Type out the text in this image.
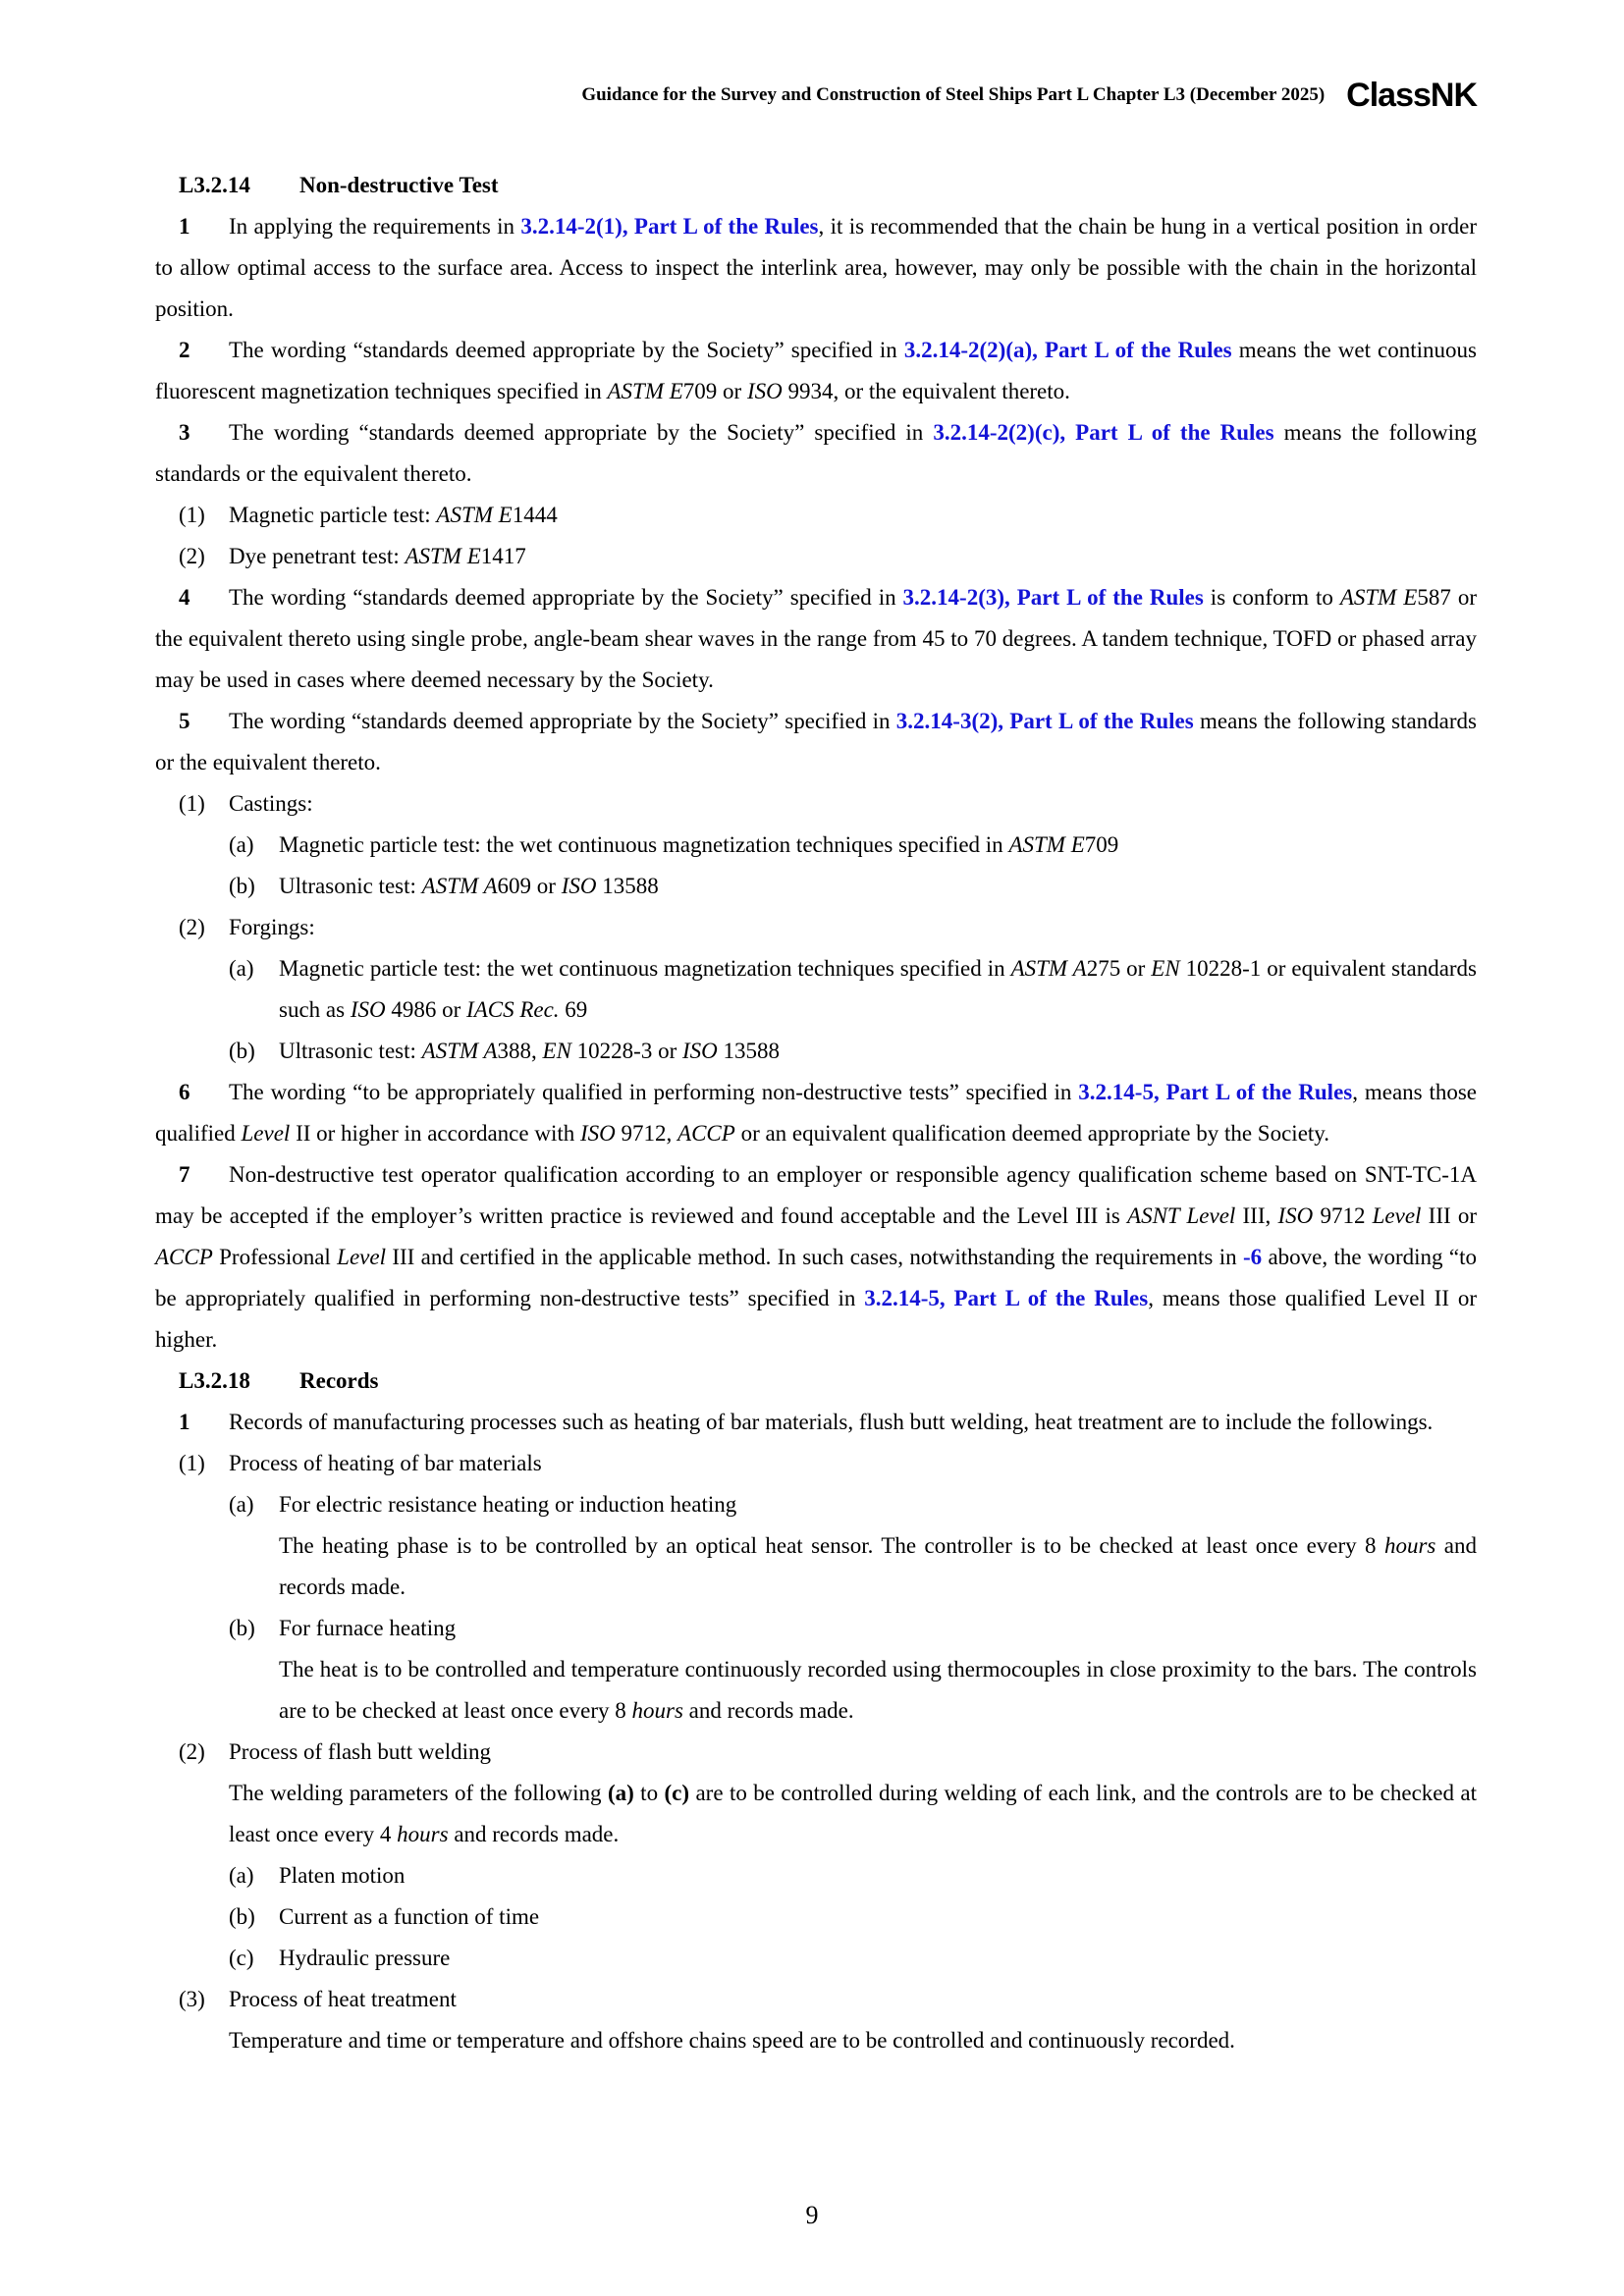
Guidance for the Survey and Construction of Steel Ships Part L Chapter L3 (December 2025) ClassNK
L3.2.14 Non-destructive Test
1 In applying the requirements in 3.2.14-2(1), Part L of the Rules, it is recommended that the chain be hung in a vertical position in order to allow optimal access to the surface area. Access to inspect the interlink area, however, may only be possible with the chain in the horizontal position.
2 The wording “standards deemed appropriate by the Society” specified in 3.2.14-2(2)(a), Part L of the Rules means the wet continuous fluorescent magnetization techniques specified in ASTM E709 or ISO 9934, or the equivalent thereto.
3 The wording “standards deemed appropriate by the Society” specified in 3.2.14-2(2)(c), Part L of the Rules means the following standards or the equivalent thereto.
(1) Magnetic particle test: ASTM E1444
(2) Dye penetrant test: ASTM E1417
4 The wording “standards deemed appropriate by the Society” specified in 3.2.14-2(3), Part L of the Rules is conform to ASTM E587 or the equivalent thereto using single probe, angle-beam shear waves in the range from 45 to 70 degrees. A tandem technique, TOFD or phased array may be used in cases where deemed necessary by the Society.
5 The wording “standards deemed appropriate by the Society” specified in 3.2.14-3(2), Part L of the Rules means the following standards or the equivalent thereto.
(1) Castings:
(a) Magnetic particle test: the wet continuous magnetization techniques specified in ASTM E709
(b) Ultrasonic test: ASTM A609 or ISO 13588
(2) Forgings:
(a) Magnetic particle test: the wet continuous magnetization techniques specified in ASTM A275 or EN 10228-1 or equivalent standards such as ISO 4986 or IACS Rec. 69
(b) Ultrasonic test: ASTM A388, EN 10228-3 or ISO 13588
6 The wording “to be appropriately qualified in performing non-destructive tests” specified in 3.2.14-5, Part L of the Rules, means those qualified Level II or higher in accordance with ISO 9712, ACCP or an equivalent qualification deemed appropriate by the Society.
7 Non-destructive test operator qualification according to an employer or responsible agency qualification scheme based on SNT-TC-1A may be accepted if the employer’s written practice is reviewed and found acceptable and the Level III is ASNT Level III, ISO 9712 Level III or ACCP Professional Level III and certified in the applicable method. In such cases, notwithstanding the requirements in -6 above, the wording “to be appropriately qualified in performing non-destructive tests” specified in 3.2.14-5, Part L of the Rules, means those qualified Level II or higher.
L3.2.18 Records
1 Records of manufacturing processes such as heating of bar materials, flush butt welding, heat treatment are to include the followings.
(1) Process of heating of bar materials
(a) For electric resistance heating or induction heating
The heating phase is to be controlled by an optical heat sensor. The controller is to be checked at least once every 8 hours and records made.
(b) For furnace heating
The heat is to be controlled and temperature continuously recorded using thermocouples in close proximity to the bars. The controls are to be checked at least once every 8 hours and records made.
(2) Process of flash butt welding
The welding parameters of the following (a) to (c) are to be controlled during welding of each link, and the controls are to be checked at least once every 4 hours and records made.
(a) Platen motion
(b) Current as a function of time
(c) Hydraulic pressure
(3) Process of heat treatment
Temperature and time or temperature and offshore chains speed are to be controlled and continuously recorded.
9
